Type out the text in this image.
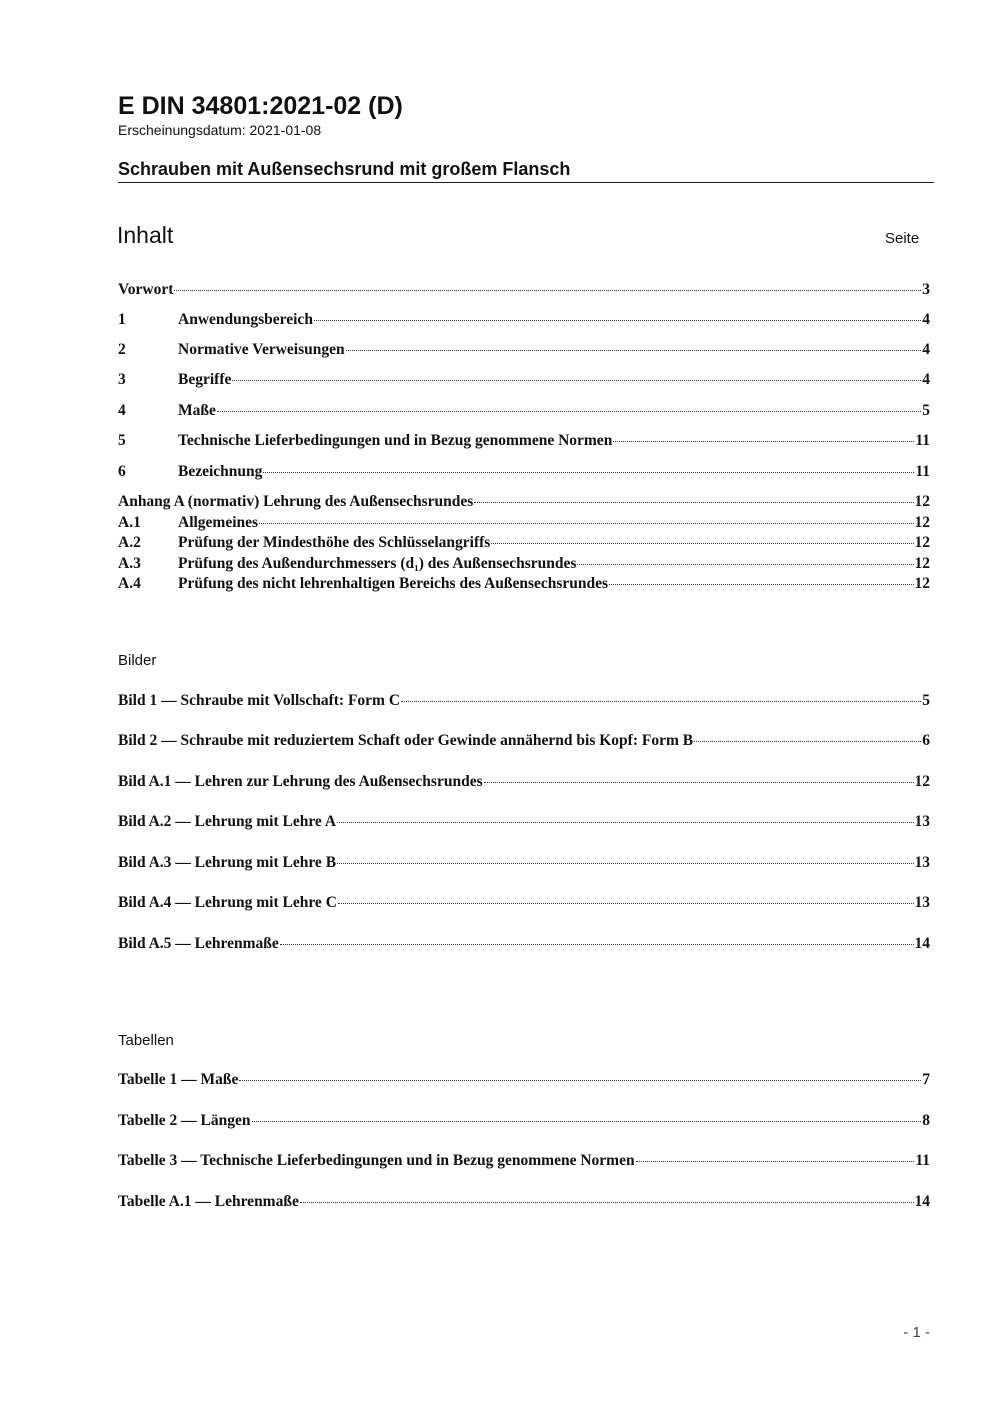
E DIN 34801:2021-02 (D)
Erscheinungsdatum: 2021-01-08
Schrauben mit Außensechsrund mit großem Flansch
Inhalt	Seite
Vorwort	3
1	Anwendungsbereich	4
2	Normative Verweisungen	4
3	Begriffe	4
4	Maße	5
5	Technische Lieferbedingungen und in Bezug genommene Normen	11
6	Bezeichnung	11
Anhang A (normativ) Lehrung des Außensechsrundes	12
A.1	Allgemeines	12
A.2	Prüfung der Mindesthöhe des Schlüsselangriffs	12
A.3	Prüfung des Außendurchmessers (d₁) des Außensechsrundes	12
A.4	Prüfung des nicht lehrenhaltigen Bereichs des Außensechsrundes	12
Bilder
Bild 1 — Schraube mit Vollschaft: Form C	5
Bild 2 — Schraube mit reduziertem Schaft oder Gewinde annähernd bis Kopf: Form B	6
Bild A.1 — Lehren zur Lehrung des Außensechsrundes	12
Bild A.2 — Lehrung mit Lehre A	13
Bild A.3 — Lehrung mit Lehre B	13
Bild A.4 — Lehrung mit Lehre C	13
Bild A.5 — Lehrenmaße	14
Tabellen
Tabelle 1 — Maße	7
Tabelle 2 — Längen	8
Tabelle 3 — Technische Lieferbedingungen und in Bezug genommene Normen	11
Tabelle A.1 — Lehrenmaße	14
- 1 -
